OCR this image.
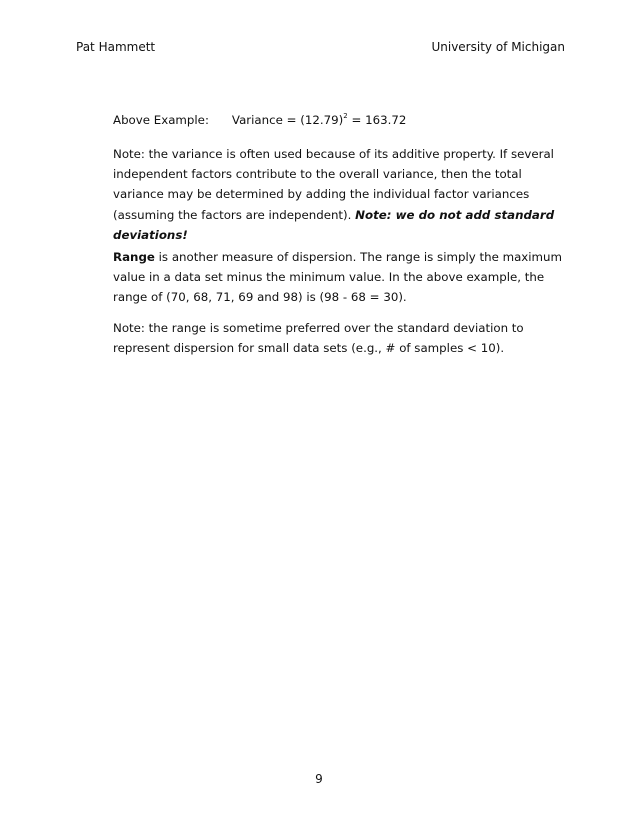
Pat Hammett	University of Michigan
Above Example: Variance = $(12.79)^2 = 163.72$
Note: the variance is often used because of its additive property. If several independent factors contribute to the overall variance, then the total variance may be determined by adding the individual factor variances (assuming the factors are independent). Note: we do not add standard deviations!
Range is another measure of dispersion. The range is simply the maximum value in a data set minus the minimum value. In the above example, the range of (70, 68, 71, 69 and 98) is (98 - 68 = 30).
Note: the range is sometime preferred over the standard deviation to represent dispersion for small data sets (e.g., # of samples < 10).
9
